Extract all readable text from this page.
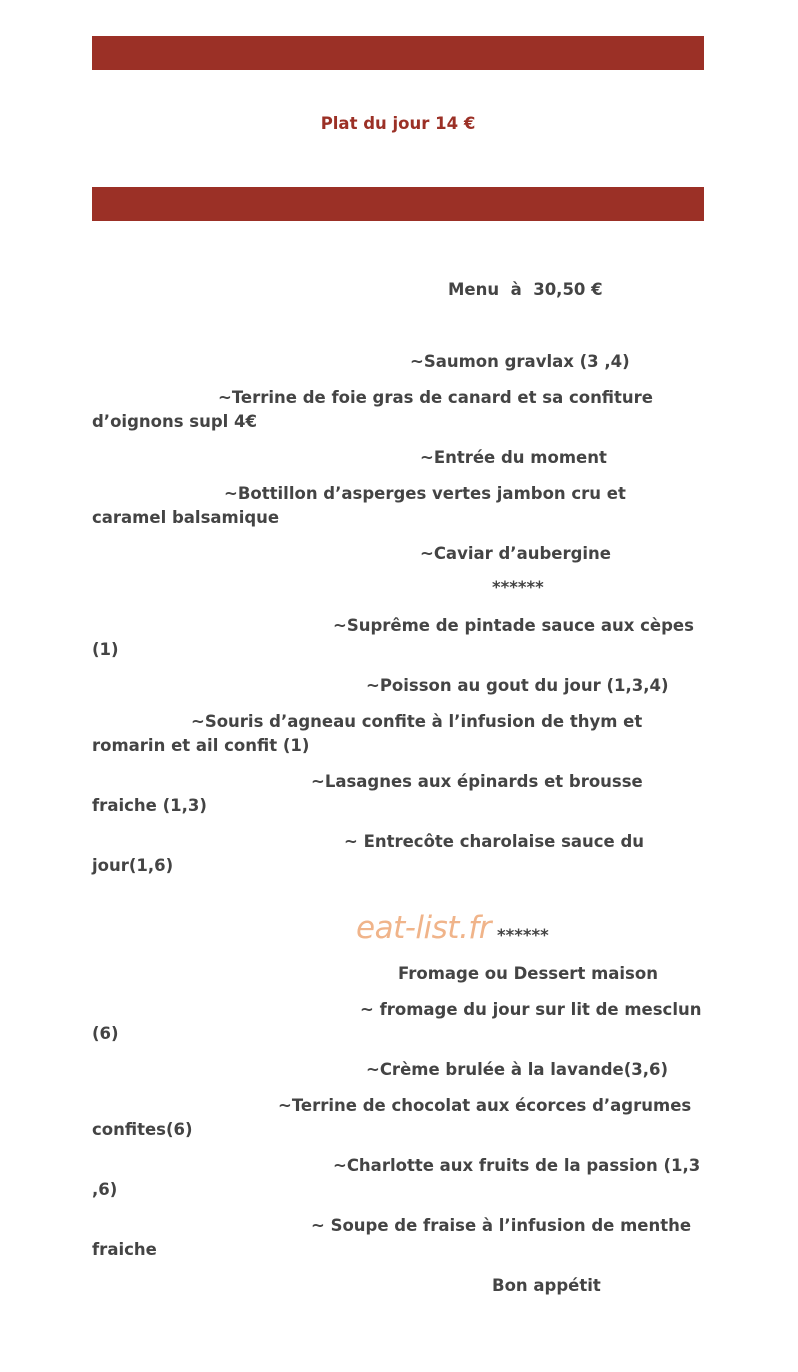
Plat du jour 14 €
Menu  à  30,50 €
~Saumon gravlax (3 ,4)
~Terrine de foie gras de canard et sa confiture d’oignons supl 4€
~Entrée du moment
~Bottillon d’asperges vertes jambon cru et caramel balsamique
~Caviar d’aubergine
******
~Suprême de pintade sauce aux cèpes (1)
~Poisson au gout du jour (1,3,4)
~Souris d’agneau confite à l’infusion de thym et romarin et ail confit (1)
~Lasagnes aux épinards et brousse fraiche (1,3)
~ Entrecôte charolaise sauce du jour(1,6)
eat-list.fr ******
Fromage ou Dessert maison
~ fromage du jour sur lit de mesclun (6)
~Crème brulée à la lavande(3,6)
~Terrine de chocolat aux écorces d’agrumes confites(6)
~Charlotte aux fruits de la passion (1,3 ,6)
~ Soupe de fraise à l’infusion de menthe fraiche
Bon appétit
